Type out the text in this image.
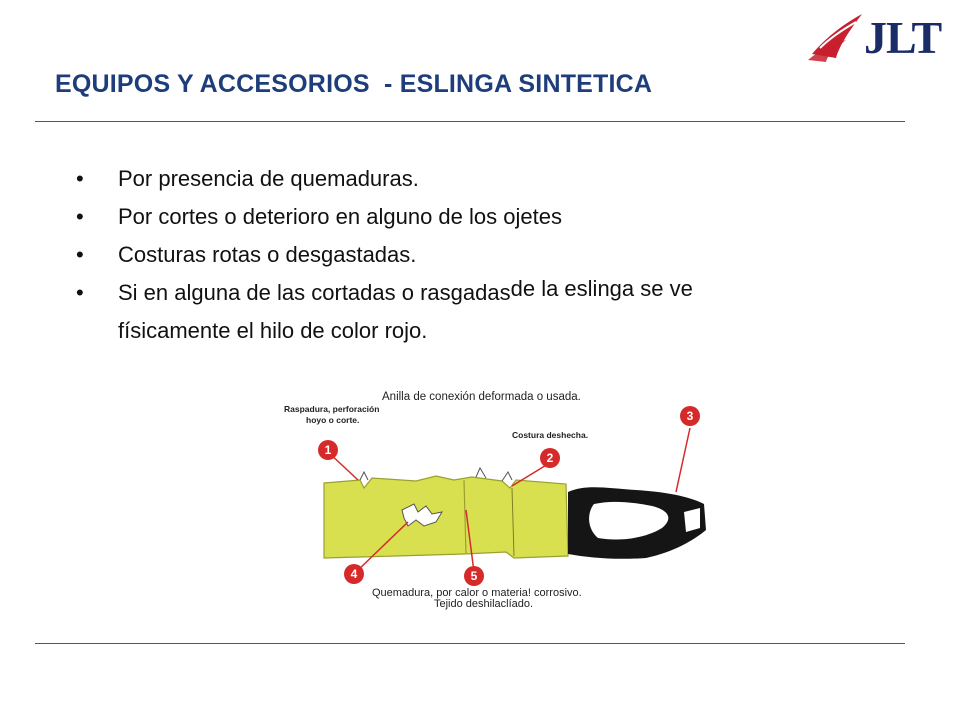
JLT
EQUIPOS Y ACCESORIOS  - ESLINGA SINTETICA
• Por presencia de quemaduras.
• Por cortes o deterioro en alguno de los ojetes
• Costuras rotas o desgastadas.
• Si en alguna de las cortadas o rasgadasde la eslinga se ve
físicamente el hilo de color rojo.
1
2
3
4	5
Anilla de conexión deformada o usada.
Raspadura, perforación
hoyo o corte.
Costura deshecha.
Quemadura, por calor o materia! corrosivo.
Tejido deshilaclíado.
